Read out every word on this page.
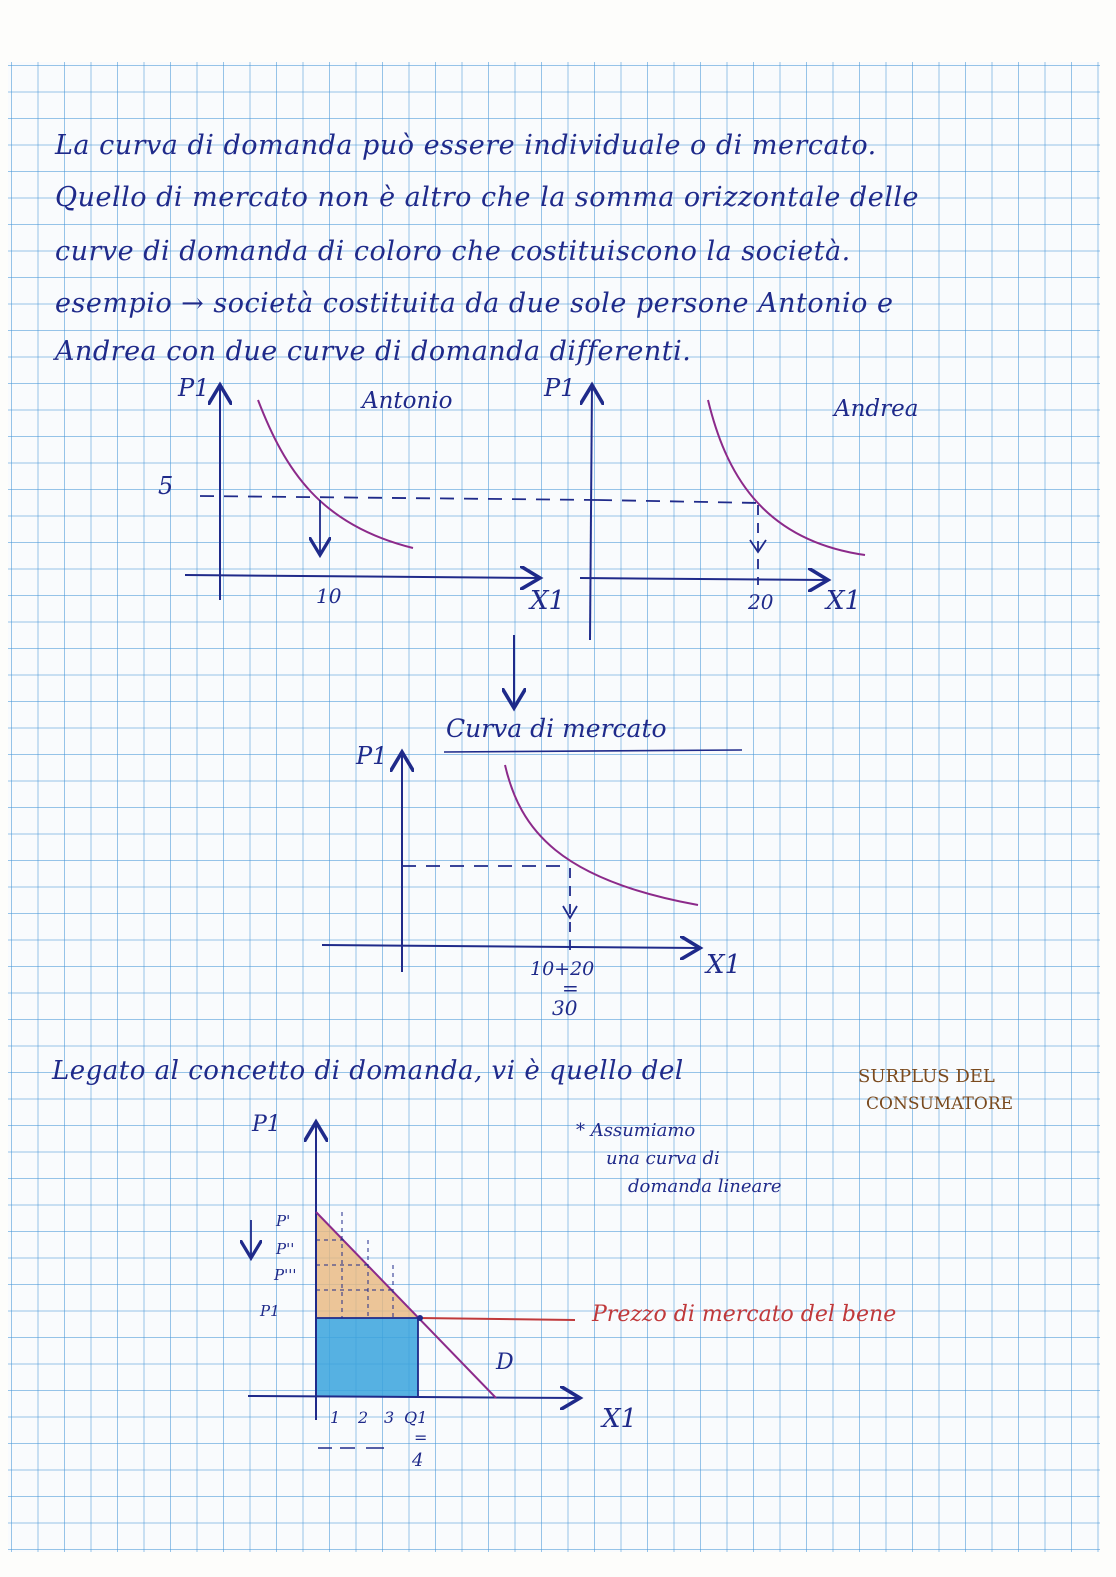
La curva di domanda può essere individuale o di mercato.
Quello di mercato non è altro che la somma orizzontale delle
curve di domanda di coloro che costituiscono la società.
esempio → società costituita da due sole persone Antonio e
Andrea con due curve di domanda differenti.
P1	Antonio
5
10	X1
P1
Andrea
20 X1
Curva di mercato
P1
10+20
=
30
X1
Legato al concetto di domanda, vi è quello del	SURPLUS DEL
CONSUMATORE
P1	* Assumiamo
una curva di
domanda lineare
P'
P''
P'''
P1
1 2 3 Q1
=
4
D
Prezzo di mercato del bene
X1
